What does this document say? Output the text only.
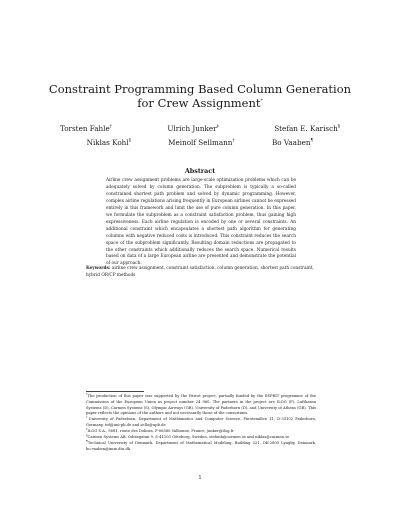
Constraint Programming Based Column Generation
for Crew Assignment*
Torsten Fahle†	Ulrich Junker‡	Stefan E. Karisch§
Niklas Kohl§	Meinolf Sellmann†	Bo Vaaben¶
Abstract

Airline crew assignment problems are large-scale optimization problems which can be adequately solved by column generation. The subproblem is typically a so-called constrained shortest path problem and solved by dynamic programming. However, complex airline regulations arising frequently in European airlines cannot be expressed entirely in this framework and limit the use of pure column generation. In this paper, we formulate the subproblem as a constraint satisfaction problem, thus gaining high expressiveness. Each airline regulation is encoded by one or several constraints. An additional constraint which encapsulates a shortest path algorithm for generating columns with negative reduced costs is introduced. This constraint reduces the search space of the subproblem significantly. Resulting domain reductions are propagated to the other constraints which additionally reduces the search space. Numerical results based on data of a large European airline are presented and demonstrate the potential of our approach.

Keywords: airline crew assignment, constraint satisfaction, column generation, shortest path constraint, hybrid OR/CP methods

*The production of this paper was supported by the Parrot project, partially funded by the ESPRIT programme of the Commission of the European Union as project number 24 960. The partners in the project are ILOG (F), Lufthansa Systems (D), Carmen Systems (S), Olympic Airways (GR), University of Paderborn (D), and University of Athens (GR). This paper reflects the opinions of the authors and not necessarily those of the consortium.

†University of Paderborn, Department of Mathematics and Computer Science, Fürstenallee 11, D-33102 Paderborn, Germany, tef@uni-pb.de and sello@upb.de

‡ILOG S.A., 9681, route des Dolines, F-06560 Valbonne, France, junker@ilog.fr

§Carmen Systems AB, Odinsgatan 9, S-41103 Göteborg, Sweden, stefank@carmen.se and niklas@carmen.se

¶Technical University of Denmark, Department of Mathematical Modeling, Building 321, DK-2800 Lyngby, Denmark, bo.vaaben@imm.dtu.dk

1
